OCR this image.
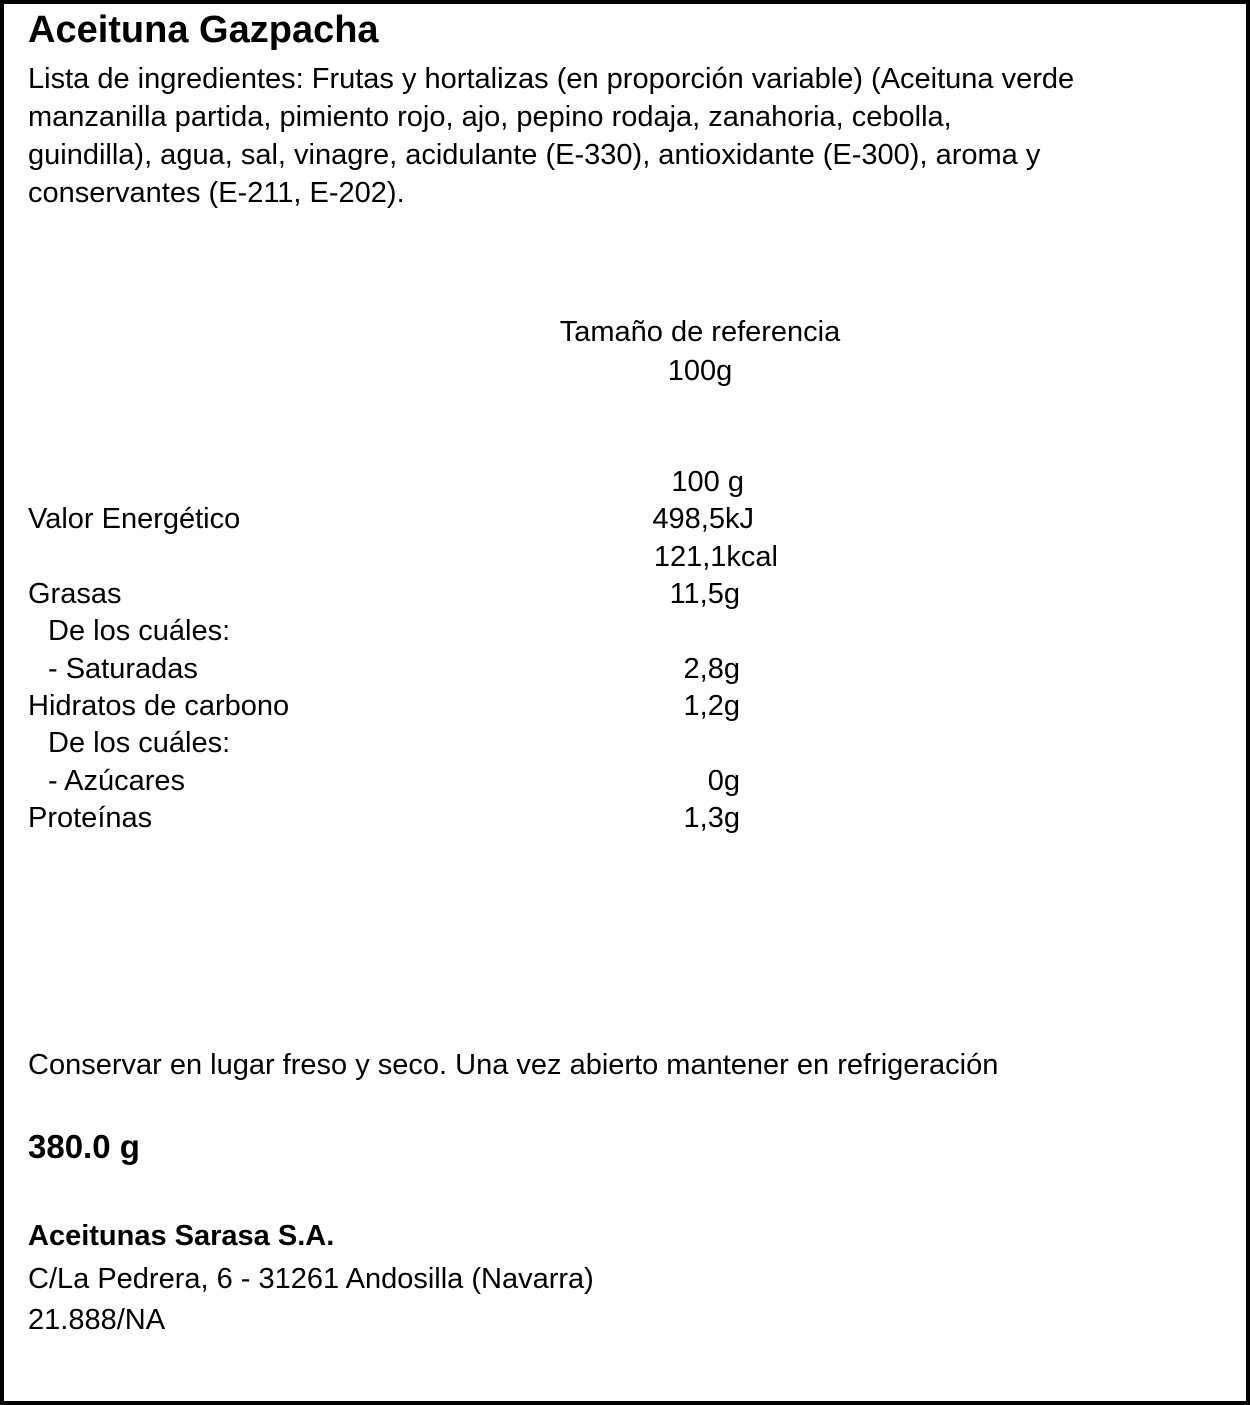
Aceituna Gazpacha
Lista de ingredientes: Frutas y hortalizas (en proporción variable) (Aceituna verde
manzanilla partida, pimiento rojo, ajo, pepino rodaja, zanahoria, cebolla,
guindilla), agua, sal, vinagre, acidulante (E-330), antioxidante (E-300), aroma y
conservantes (E-211, E-202).
Tamaño de referencia
100g
100 g
Valor Energético	498,5kJ
121,1kcal
Grasas	11,5g
De los cuáles:
- Saturadas	2,8g
Hidratos de carbono	1,2g
De los cuáles:
- Azúcares	0g
Proteínas	1,3g
Conservar en lugar freso y seco. Una vez abierto mantener en refrigeración
380.0 g
Aceitunas Sarasa S.A.
C/La Pedrera, 6 - 31261 Andosilla (Navarra)
21.888/NA
